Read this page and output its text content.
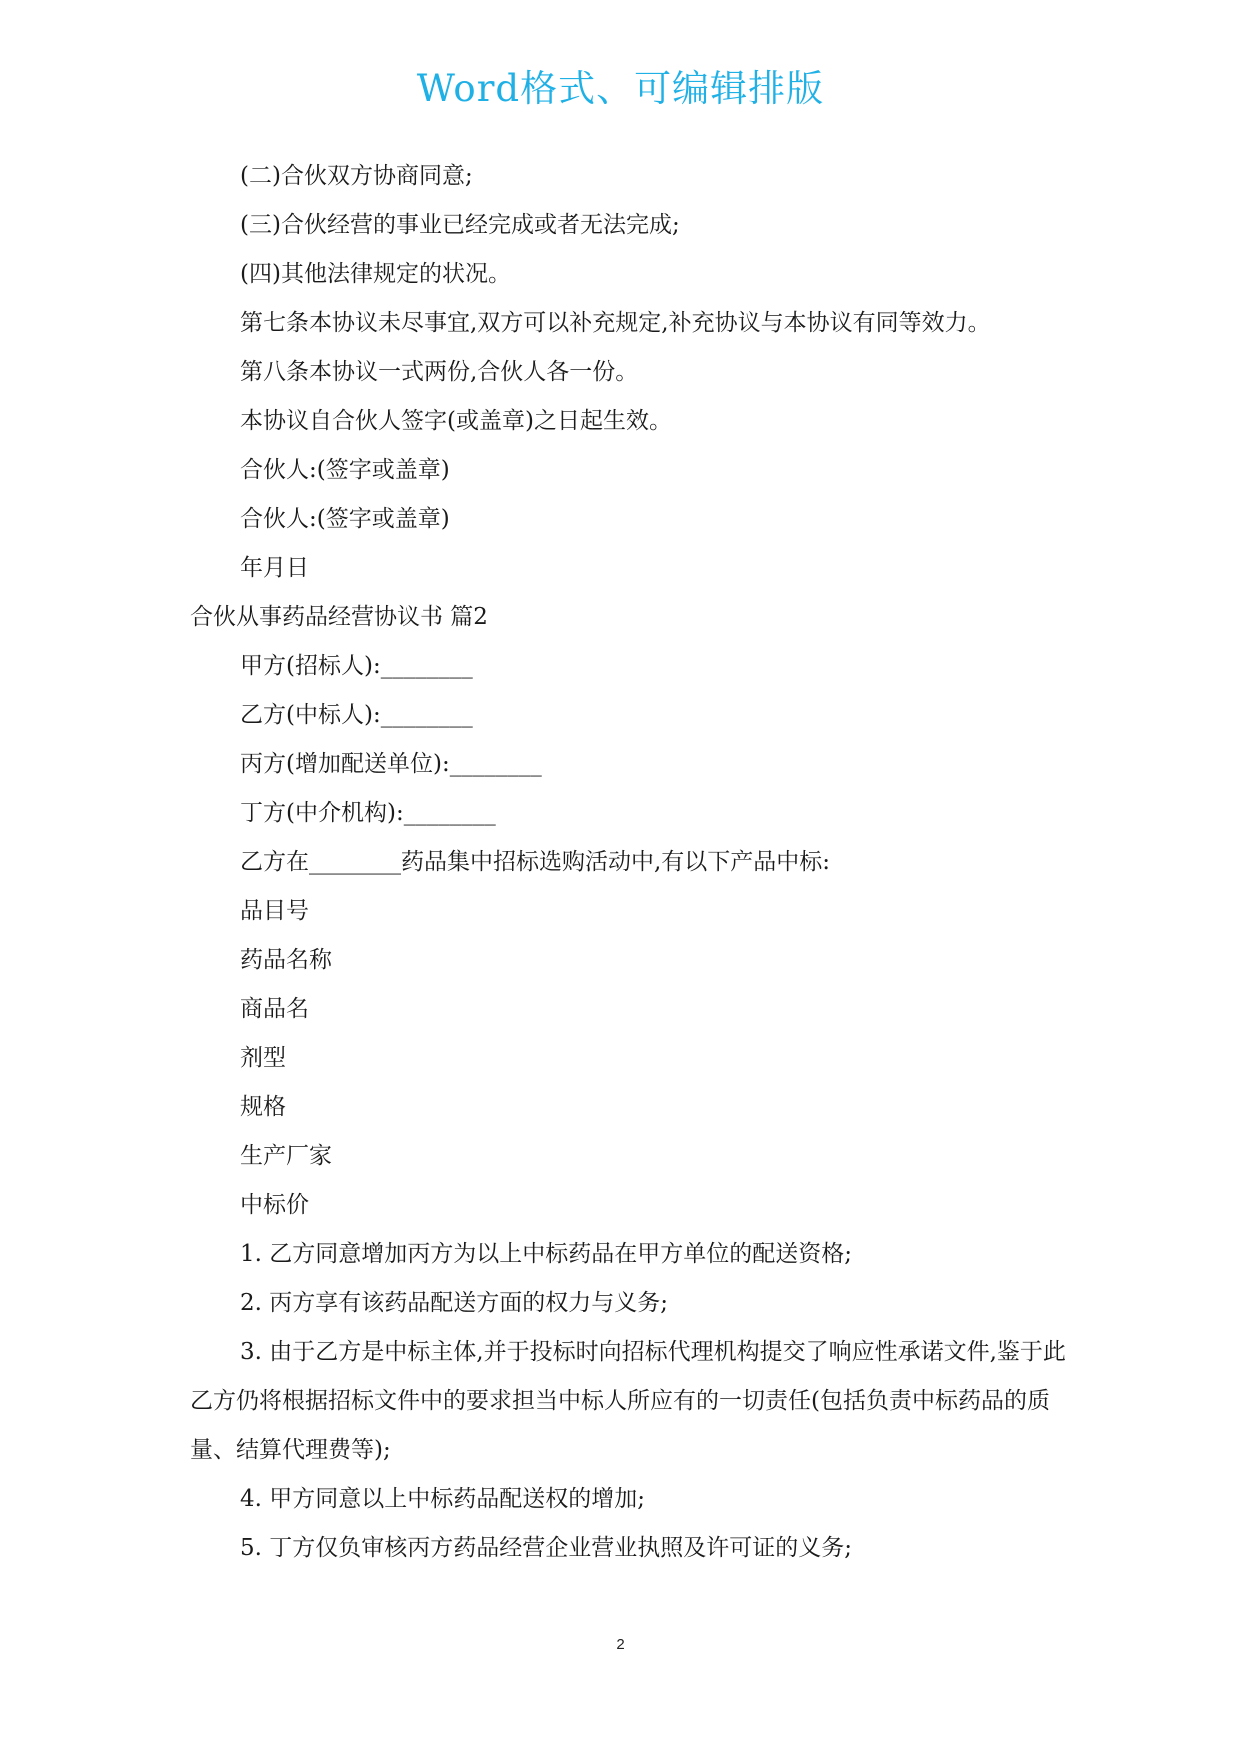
Word格式、可编辑排版

(二)合伙双方协商同意;

(三)合伙经营的事业已经完成或者无法完成;

(四)其他法律规定的状况。

第七条本协议未尽事宜,双方可以补充规定,补充协议与本协议有同等效力。

第八条本协议一式两份,合伙人各一份。

本协议自合伙人签字(或盖章)之日起生效。

合伙人:(签字或盖章)

合伙人:(签字或盖章)

年月日

合伙从事药品经营协议书 篇2

甲方(招标人):________

乙方(中标人):________

丙方(增加配送单位):________

丁方(中介机构):________

乙方在________药品集中招标选购活动中,有以下产品中标:

品目号

药品名称

商品名

剂型

规格

生产厂家

中标价

1. 乙方同意增加丙方为以上中标药品在甲方单位的配送资格;

2. 丙方享有该药品配送方面的权力与义务;

3. 由于乙方是中标主体,并于投标时向招标代理机构提交了响应性承诺文件,鉴于此乙方仍将根据招标文件中的要求担当中标人所应有的一切责任(包括负责中标药品的质量、结算代理费等);

4. 甲方同意以上中标药品配送权的增加;

5. 丁方仅负审核丙方药品经营企业营业执照及许可证的义务;

2
